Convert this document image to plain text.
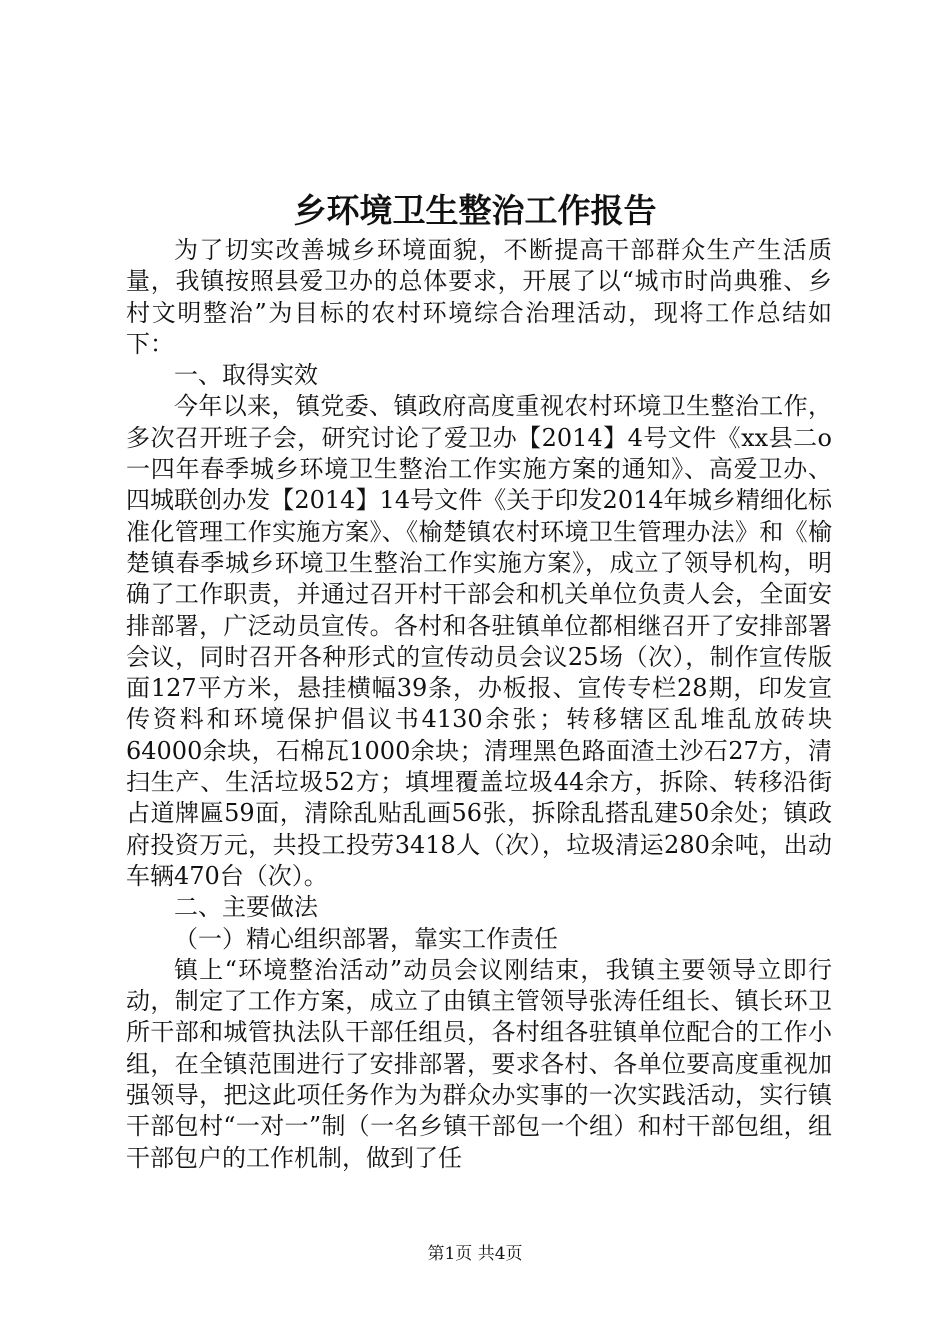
乡环境卫生整治工作报告

为了切实改善城乡环境面貌，不断提高干部群众生产生活质量，我镇按照县爱卫办的总体要求，开展了以“城市时尚典雅、乡村文明整治”为目标的农村环境综合治理活动，现将工作总结如下：

一、取得实效

今年以来，镇党委、镇政府高度重视农村环境卫生整治工作，多次召开班子会，研究讨论了爱卫办【2014】4号文件《xx县二o一四年春季城乡环境卫生整治工作实施方案的通知》、高爱卫办、四城联创办发【2014】14号文件《关于印发2014年城乡精细化标准化管理工作实施方案》、《榆楚镇农村环境卫生管理办法》和《榆楚镇春季城乡环境卫生整治工作实施方案》，成立了领导机构，明确了工作职责，并通过召开村干部会和机关单位负责人会，全面安排部署，广泛动员宣传。各村和各驻镇单位都相继召开了安排部署会议，同时召开各种形式的宣传动员会议25场（次），制作宣传版面127平方米，悬挂横幅39条，办板报、宣传专栏28期，印发宣传资料和环境保护倡议书4130余张；转移辖区乱堆乱放砖块64000余块，石棉瓦1000余块；清理黑色路面渣土沙石27方，清扫生产、生活垃圾52方；填埋覆盖垃圾44余方，拆除、转移沿街占道牌匾59面，清除乱贴乱画56张，拆除乱搭乱建50余处；镇政府投资万元，共投工投劳3418人（次），垃圾清运280余吨，出动车辆470台（次）。

二、主要做法

（一）精心组织部署，靠实工作责任

镇上“环境整治活动”动员会议刚结束，我镇主要领导立即行动，制定了工作方案，成立了由镇主管领导张涛任组长、镇长环卫所干部和城管执法队干部任组员，各村组各驻镇单位配合的工作小组，在全镇范围进行了安排部署，要求各村、各单位要高度重视加强领导，把这此项任务作为为群众办实事的一次实践活动，实行镇干部包村“一对一”制（一名乡镇干部包一个组）和村干部包组，组干部包户的工作机制，做到了任

第1页 共4页
